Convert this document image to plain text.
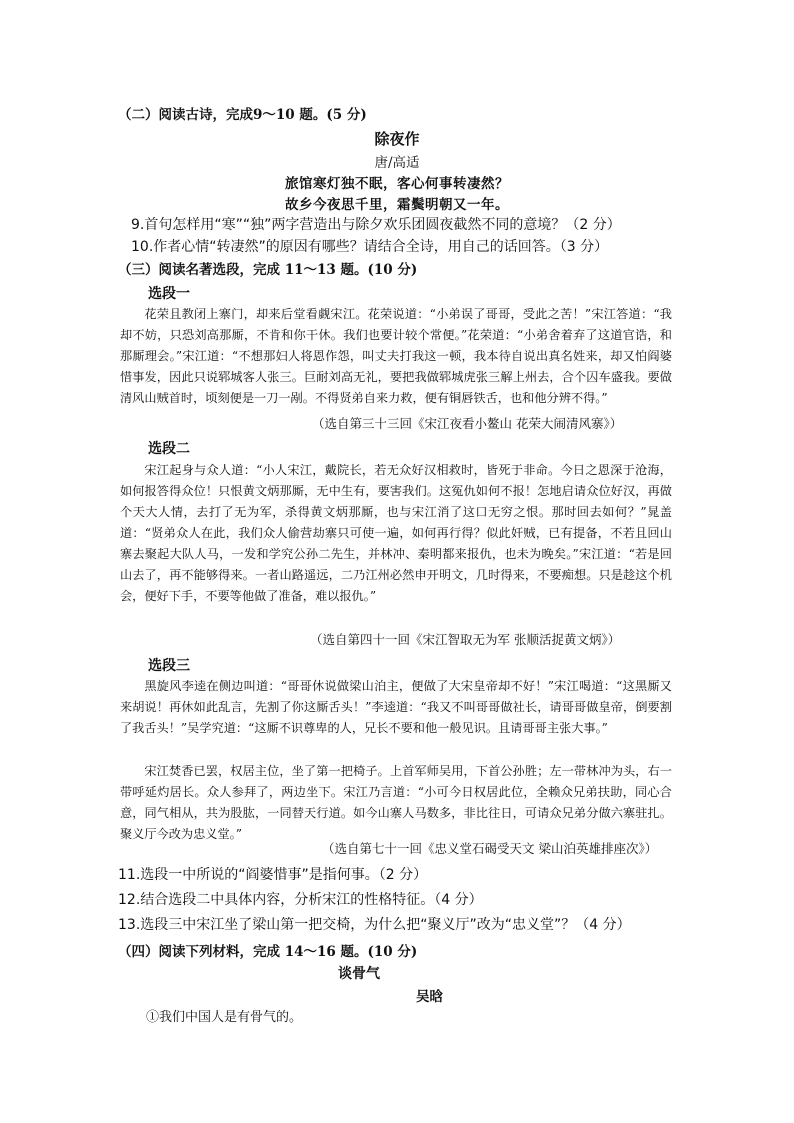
（二）阅读古诗，完成9～10 题。(5 分)
除夜作
唐/高适
旅馆寒灯独不眠，客心何事转凄然？
故乡今夜思千里，霜鬓明朝又一年。
9.首句怎样用“寒”“独”两字营造出与除夕欢乐团圆夜截然不同的意境？（2 分）
10.作者心情“转凄然”的原因有哪些？请结合全诗，用自己的话回答。（3 分）
（三）阅读名著选段，完成 11～13 题。(10 分)
选段一
花荣且教闭上寨门，却来后堂看觑宋江。花荣说道：“小弟误了哥哥，受此之苦！”宋江答道：“我却不妨，只恐刘高那厮，不肯和你干休。我们也要计较个常便。”花荣道：“小弟舍着弃了这道官诰，和那厮理会。”宋江道：“不想那妇人将恩作怨，叫丈夫打我这一顿，我本待自说出真名姓来，却又怕阎婆惜事发，因此只说郓城客人张三。巨耐刘高无礼，要把我做郓城虎张三解上州去，合个囚车盛我。要做清风山贼首时，顷刻便是一刀一剐。不得贤弟自来力救，便有铜唇铁舌，也和他分辨不得。”
（选自第三十三回《宋江夜看小鳌山 花荣大闹清风寨》）
选段二
宋江起身与众人道：“小人宋江，戴院长，若无众好汉相救时，皆死于非命。今日之恩深于沧海，如何报答得众位！只恨黄文炳那厮，无中生有，要害我们。这冤仇如何不报！怎地启请众位好汉，再做个天大人情，去打了无为军，杀得黄文炳那厮，也与宋江消了这口无穷之恨。那时回去如何？”晁盖道：“贤弟众人在此，我们众人偷营劫寨只可使一遍，如何再行得？似此奸贼，已有提备，不若且回山寨去聚起大队人马，一发和学究公孙二先生，并林冲、秦明都来报仇，也未为晚矣。”宋江道：“若是回山去了，再不能够得来。一者山路遥远，二乃江州必然申开明文，几时得来，不要痴想。只是趁这个机会，便好下手，不要等他做了准备，难以报仇。”
（选自第四十一回《宋江智取无为军 张顺活捉黄文炳》）
选段三
黑旋风李逵在侧边叫道：“哥哥休说做梁山泊主，便做了大宋皇帝却不好！”宋江喝道：“这黑厮又来胡说！再休如此乱言，先割了你这厮舌头！”李逵道：“我又不叫哥哥做社长，请哥哥做皇帝，倒要割了我舌头！”吴学究道：“这厮不识尊卑的人，兄长不要和他一般见识。且请哥哥主张大事。”
宋江焚香已罢，权居主位，坐了第一把椅子。上首军师吴用，下首公孙胜；左一带林冲为头，右一带呼延灼居长。众人参拜了，两边坐下。宋江乃言道：“小可今日权居此位，全赖众兄弟扶助，同心合意，同气相从，共为股肱，一同替天行道。如今山寨人马数多，非比往日，可请众兄弟分做六寨驻扎。聚义厅今改为忠义堂。”
（选自第七十一回《忠义堂石碣受天文 梁山泊英雄排座次》）
11.选段一中所说的“阎婆惜事”是指何事。（2 分）
12.结合选段二中具体内容，分析宋江的性格特征。（4 分）
13.选段三中宋江坐了梁山第一把交椅，为什么把“聚义厅”改为“忠义堂”？（4 分）
（四）阅读下列材料，完成 14～16 题。(10 分)
谈骨气
吴晗
①我们中国人是有骨气的。
